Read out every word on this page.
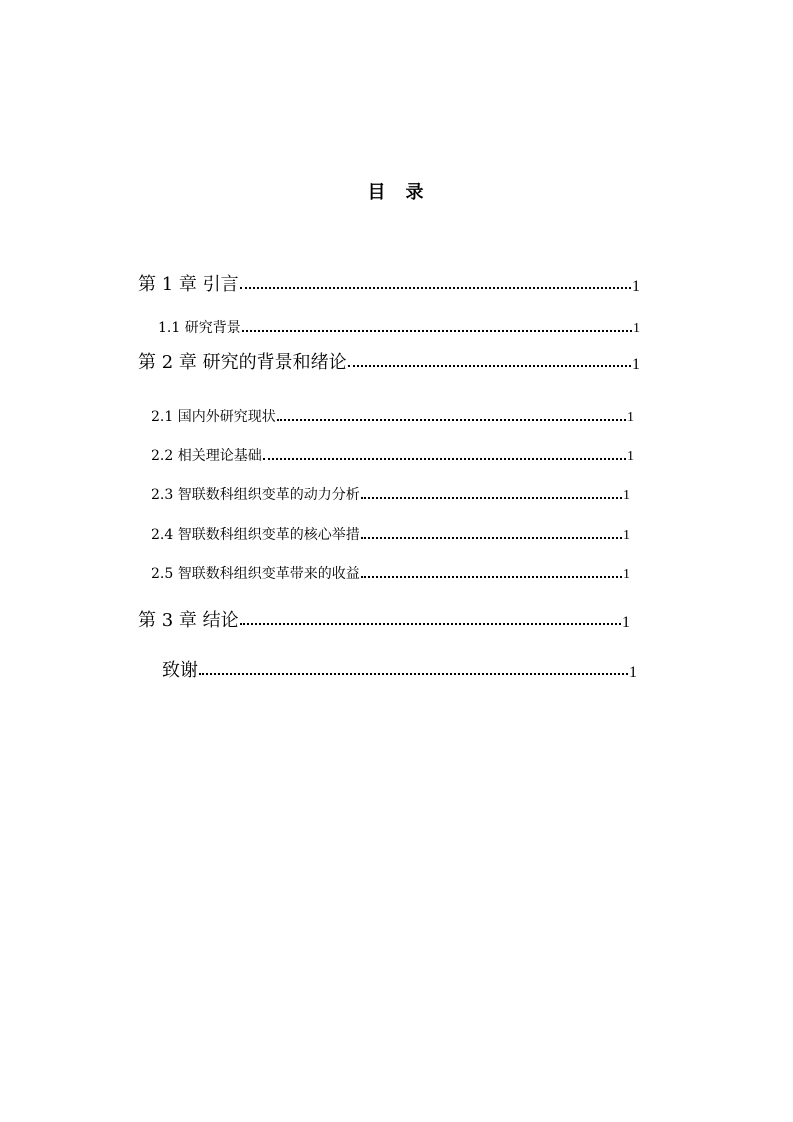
目 录
第 1 章 引言	1
1.1 研究背景	1
第 2 章 研究的背景和绪论	1
2.1 国内外研究现状	1
2.2 相关理论基础	1
2.3 智联数科组织变革的动力分析	1
2.4 智联数科组织变革的核心举措	1
2.5 智联数科组织变革带来的收益	1
第 3 章 结论	1
致谢	1
